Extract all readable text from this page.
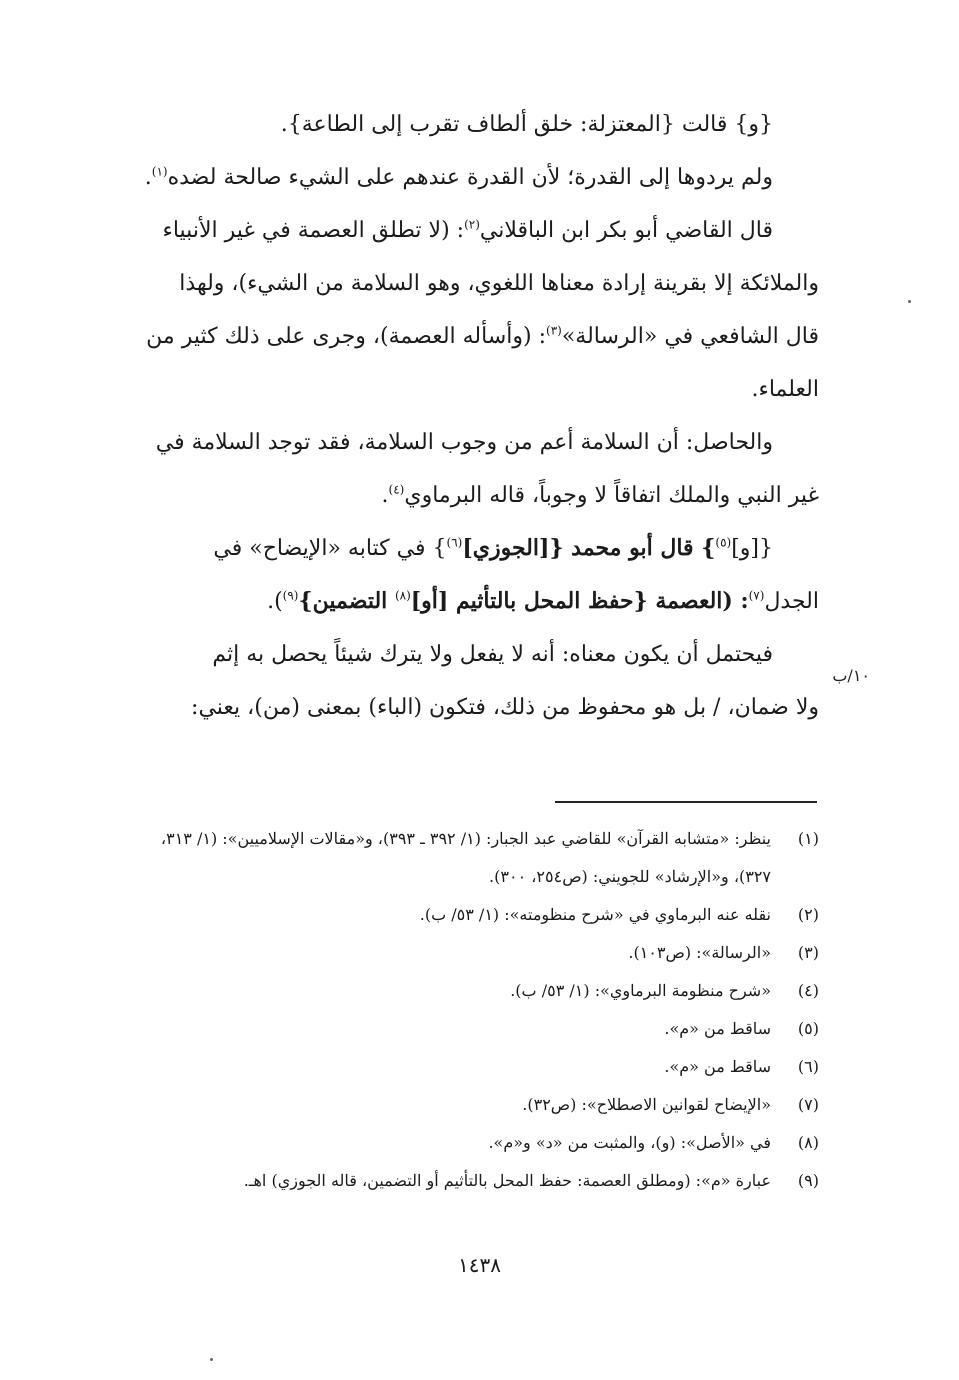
{و} قالت {المعتزلة: خلق ألطاف تقرب إلى الطاعة}.
ولم يردوها إلى القدرة؛ لأن القدرة عندهم على الشيء صالحة لضده$^{(١)}$.
قال القاضي أبو بكر ابن الباقلاني$^{(٢)}$: (لا تطلق العصمة في غير الأنبياء
والملائكة إلا بقرينة إرادة معناها اللغوي، وهو السلامة من الشيء)، ولهذا
قال الشافعي في «الرسالة»$^{(٣)}$: (وأسأله العصمة)، وجرى على ذلك كثير من
العلماء.
والحاصل: أن السلامة أعم من وجوب السلامة، فقد توجد السلامة في
غير النبي والملك اتفاقاً لا وجوباً، قاله البرماوي$^{(٤)}$.
{[و]$^{(٥)}$} قال أبو محمد {[الجوزي]$^{(٦)}$} في كتابه «الإيضاح» في
الجدل$^{(٧)}$: (العصمة {حفظ المحل بالتأثيم [أو]$^{(٨)}$ التضمين}$^{(٩)}$).
فيحتمل أن يكون معناه: أنه لا يفعل ولا يترك شيئاً يحصل به إثم
ولا ضمان، / بل هو محفوظ من ذلك، فتكون (الباء) بمعنى (من)، يعني:
١٠/ب
(١)
ينظر: «متشابه القرآن» للقاضي عبد الجبار: (١/ ٣٩٢ ـ ٣٩٣)، و«مقالات الإسلاميين»: (١/ ٣١٣، ٣٢٧)، و«الإرشاد» للجويني: (ص٢٥٤، ٣٠٠).
(٢)
نقله عنه البرماوي في «شرح منظومته»: (١/ ٥٣/ ب).
(٣)
«الرسالة»: (ص١٠٣).
(٤)
«شرح منظومة البرماوي»: (١/ ٥٣/ ب).
(٥)
ساقط من «م».
(٦)
ساقط من «م».
(٧)
«الإيضاح لقوانين الاصطلاح»: (ص٣٢).
(٨)
في «الأصل»: (و)، والمثبت من «د» و«م».
(٩)
عبارة «م»: (ومطلق العصمة: حفظ المحل بالتأثيم أو التضمين، قاله الجوزي) اهـ.
١٤٣٨
